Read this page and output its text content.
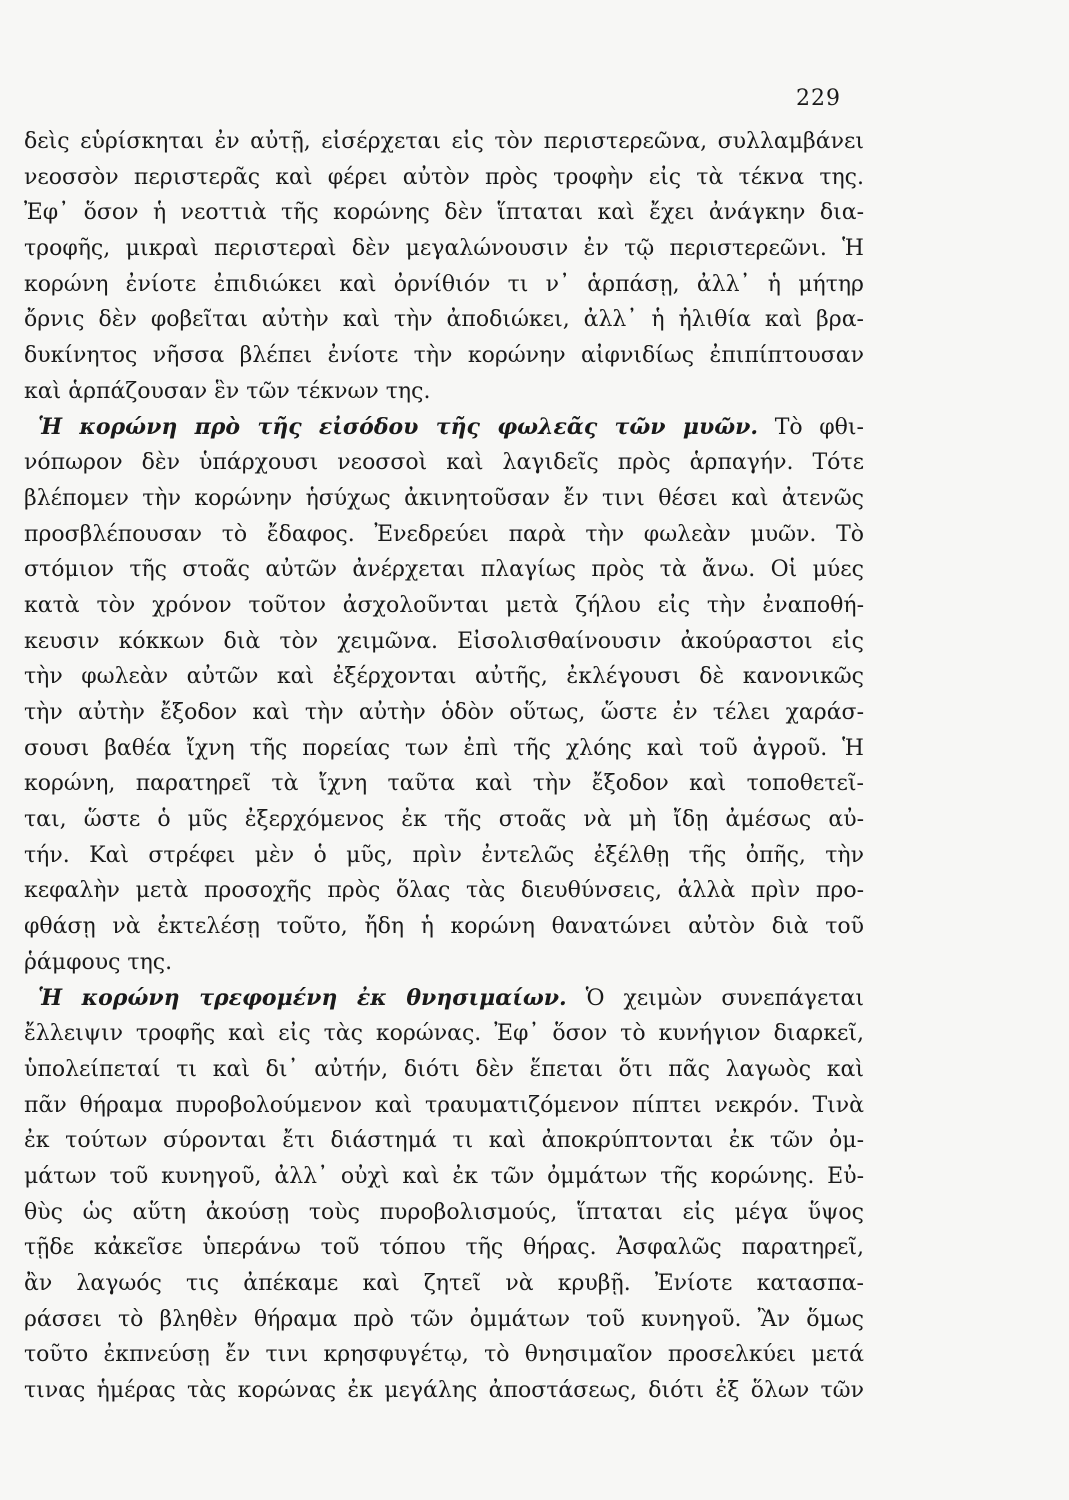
229
δεὶς εὑρίσκηται ἐν αὐτῇ, εἰσέρχεται εἰς τὸν περιστερεῶνα, συλλαμβάνει
νεοσσὸν περιστερᾶς καὶ φέρει αὐτὸν πρὸς τροφὴν εἰς τὰ τέκνα της.
Ἐφ᾽ ὅσον ἡ νεοττιὰ τῆς κορώνης δὲν ἵπταται καὶ ἔχει ἀνάγκην δια-
τροφῆς, μικραὶ περιστεραὶ δὲν μεγαλώνουσιν ἐν τῷ περιστερεῶνι. Ἡ
κορώνη ἐνίοτε ἐπιδιώκει καὶ ὀρνίθιόν τι ν᾽ ἁρπάσῃ, ἀλλ᾽ ἡ μήτηρ
ὄρνις δὲν φοβεῖται αὐτὴν καὶ τὴν ἀποδιώκει, ἀλλ᾽ ἡ ἠλιθία καὶ βρα-
δυκίνητος νῆσσα βλέπει ἐνίοτε τὴν κορώνην αἰφνιδίως ἐπιπίπτουσαν
καὶ ἁρπάζουσαν ἓν τῶν τέκνων της.
Ἡ κορώνη πρὸ τῆς εἰσόδου τῆς φωλεᾶς τῶν μυῶν. Τὸ φθι-
νόπωρον δὲν ὑπάρχουσι νεοσσοὶ καὶ λαγιδεῖς πρὸς ἁρπαγήν. Τότε
βλέπομεν τὴν κορώνην ἡσύχως ἀκινητοῦσαν ἔν τινι θέσει καὶ ἀτενῶς
προσβλέπουσαν τὸ ἔδαφος. Ἐνεδρεύει παρὰ τὴν φωλεὰν μυῶν. Τὸ
στόμιον τῆς στοᾶς αὐτῶν ἀνέρχεται πλαγίως πρὸς τὰ ἄνω. Οἱ μύες
κατὰ τὸν χρόνον τοῦτον ἀσχολοῦνται μετὰ ζήλου εἰς τὴν ἐναποθή-
κευσιν κόκκων διὰ τὸν χειμῶνα. Εἰσολισθαίνουσιν ἀκούραστοι εἰς
τὴν φωλεὰν αὐτῶν καὶ ἐξέρχονται αὐτῆς, ἐκλέγουσι δὲ κανονικῶς
τὴν αὐτὴν ἔξοδον καὶ τὴν αὐτὴν ὁδὸν οὕτως, ὥστε ἐν τέλει χαράσ-
σουσι βαθέα ἴχνη τῆς πορείας των ἐπὶ τῆς χλόης καὶ τοῦ ἀγροῦ. Ἡ
κορώνη, παρατηρεῖ τὰ ἴχνη ταῦτα καὶ τὴν ἔξοδον καὶ τοποθετεῖ-
ται, ὥστε ὁ μῦς ἐξερχόμενος ἐκ τῆς στοᾶς νὰ μὴ ἴδῃ ἀμέσως αὐ-
τήν. Καὶ στρέφει μὲν ὁ μῦς, πρὶν ἐντελῶς ἐξέλθῃ τῆς ὀπῆς, τὴν
κεφαλὴν μετὰ προσοχῆς πρὸς ὅλας τὰς διευθύνσεις, ἀλλὰ πρὶν προ-
φθάσῃ νὰ ἐκτελέσῃ τοῦτο, ἤδη ἡ κορώνη θανατώνει αὐτὸν διὰ τοῦ
ῥάμφους της.
Ἡ κορώνη τρεφομένη ἐκ θνησιμαίων. Ὁ χειμὼν συνεπάγεται
ἔλλειψιν τροφῆς καὶ εἰς τὰς κορώνας. Ἐφ᾽ ὅσον τὸ κυνήγιον διαρκεῖ,
ὑπολείπεταί τι καὶ δι᾽ αὐτήν, διότι δὲν ἕπεται ὅτι πᾶς λαγωὸς καὶ
πᾶν θήραμα πυροβολούμενον καὶ τραυματιζόμενον πίπτει νεκρόν. Τινὰ
ἐκ τούτων σύρονται ἔτι διάστημά τι καὶ ἀποκρύπτονται ἐκ τῶν ὀμ-
μάτων τοῦ κυνηγοῦ, ἀλλ᾽ οὐχὶ καὶ ἐκ τῶν ὀμμάτων τῆς κορώνης. Εὐ-
θὺς ὡς αὕτη ἀκούσῃ τοὺς πυροβολισμούς, ἵπταται εἰς μέγα ὕψος
τῇδε κἀκεῖσε ὑπεράνω τοῦ τόπου τῆς θήρας. Ἀσφαλῶς παρατηρεῖ,
ἂν λαγωός τις ἀπέκαμε καὶ ζητεῖ νὰ κρυβῇ. Ἐνίοτε κατασπα-
ράσσει τὸ βληθὲν θήραμα πρὸ τῶν ὀμμάτων τοῦ κυνηγοῦ. Ἂν ὅμως
τοῦτο ἐκπνεύσῃ ἔν τινι κρησφυγέτῳ, τὸ θνησιμαῖον προσελκύει μετά
τινας ἡμέρας τὰς κορώνας ἐκ μεγάλης ἀποστάσεως, διότι ἐξ ὅλων τῶν
